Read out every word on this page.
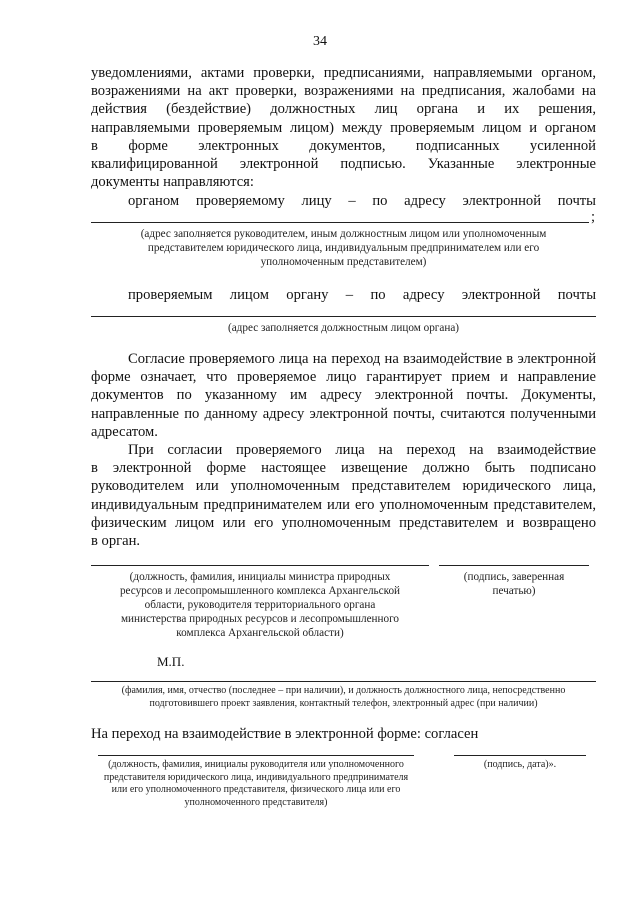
34
уведомлениями, актами проверки, предписаниями, направляемыми органом,
возражениями на акт проверки, возражениями на предписания, жалобами на
действия (бездействие) должностных лиц органа и их решения,
направляемыми проверяемым лицом) между проверяемым лицом и органом
в форме электронных документов, подписанных усиленной
квалифицированной электронной подписью. Указанные электронные
документы направляются:
органом проверяемому лицу – по адресу электронной почты
;
(адрес заполняется руководителем, иным должностным лицом или уполномоченным
представителем юридического лица, индивидуальным предпринимателем или его
уполномоченным представителем)
проверяемым лицом органу – по адресу электронной почты
(адрес заполняется должностным лицом органа)
Согласие проверяемого лица на переход на взаимодействие в электронной
форме означает, что проверяемое лицо гарантирует прием и направление
документов по указанному им адресу электронной почты. Документы,
направленные по данному адресу электронной почты, считаются полученными
адресатом.
При согласии проверяемого лица на переход на взаимодействие
в электронной форме настоящее извещение должно быть подписано
руководителем или уполномоченным представителем юридического лица,
индивидуальным предпринимателем или его уполномоченным представителем,
физическим лицом или его уполномоченным представителем и возвращено
в орган.
(должность, фамилия, инициалы министра природных
ресурсов и лесопромышленного комплекса Архангельской
области, руководителя территориального органа
министерства природных ресурсов и лесопромышленного
комплекса Архангельской области)
(подпись, заверенная
печатью)
М.П.
(фамилия, имя, отчество (последнее – при наличии), и должность должностного лица, непосредственно
подготовившего проект заявления, контактный телефон, электронный адрес (при наличии)
На переход на взаимодействие в электронной форме: согласен
(должность, фамилия, инициалы руководителя или уполномоченного
представителя юридического лица, индивидуального предпринимателя
или его уполномоченного представителя, физического лица или его
уполномоченного представителя)
(подпись, дата)».
